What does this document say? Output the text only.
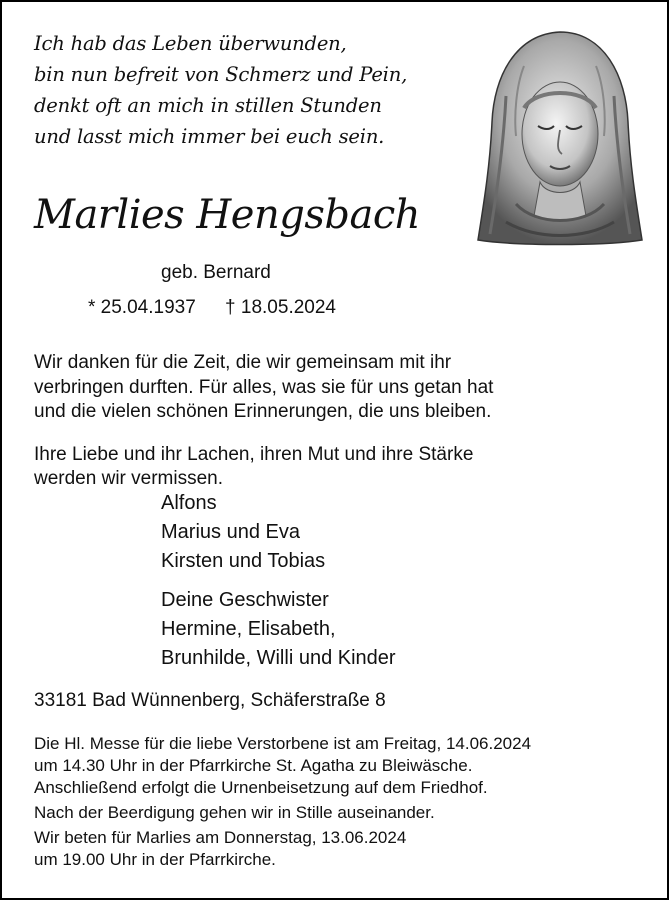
Ich hab das Leben überwunden,
bin nun befreit von Schmerz und Pein,
denkt oft an mich in stillen Stunden
und lasst mich immer bei euch sein.
Marlies Hengsbach
geb. Bernard
* 25.04.1937 † 18.05.2024

Wir danken für die Zeit, die wir gemeinsam mit ihr
verbringen durften. Für alles, was sie für uns getan hat
und die vielen schönen Erinnerungen, die uns bleiben.

Ihre Liebe und ihr Lachen, ihren Mut und ihre Stärke
werden wir vermissen.

Alfons
Marius und Eva
Kirsten und Tobias
Deine Geschwister
Hermine, Elisabeth,
Brunhilde, Willi und Kinder
33181 Bad Wünnenberg, Schäferstraße 8
Die Hl. Messe für die liebe Verstorbene ist am Freitag, 14.06.2024
um 14.30 Uhr in der Pfarrkirche St. Agatha zu Bleiwäsche.
Anschließend erfolgt die Urnenbeisetzung auf dem Friedhof.
Nach der Beerdigung gehen wir in Stille auseinander.
Wir beten für Marlies am Donnerstag, 13.06.2024
um 19.00 Uhr in der Pfarrkirche.
